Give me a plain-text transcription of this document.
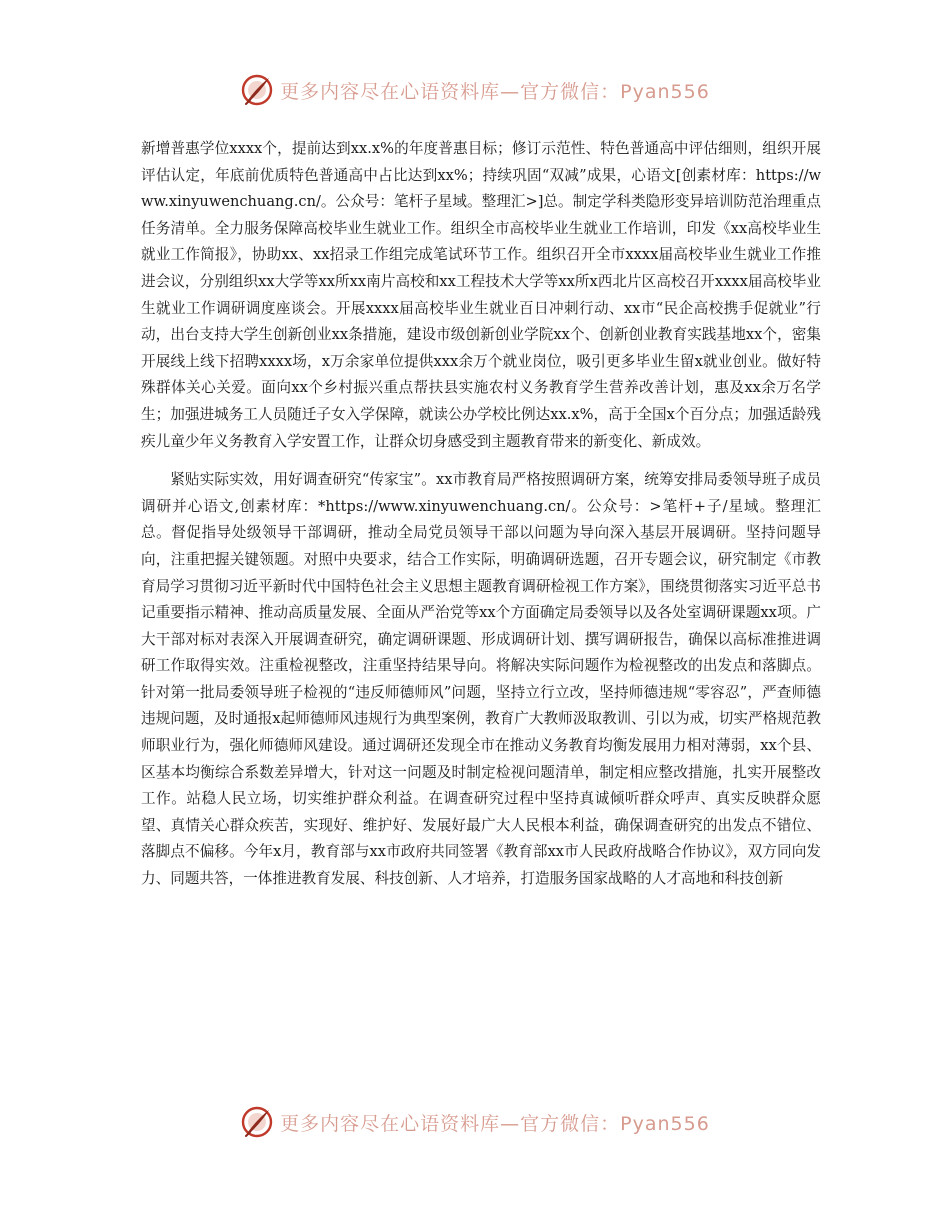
更多内容尽在心语资料库—官方微信：Pyan556

新增普惠学位xxxx个，提前达到xx.x%的年度普惠目标；修订示范性、特色普通高中评估细则，组织开展评估认定，年底前优质特色普通高中占比达到xx%；持续巩固“双减”成果，心语文[创素材库：https://www.xinyuwenchuang.cn/。公众号：笔杆子星域。整理汇>]总。制定学科类隐形变异培训防范治理重点任务清单。全力服务保障高校毕业生就业工作。组织全市高校毕业生就业工作培训，印发《xx高校毕业生就业工作简报》，协助xx、xx招录工作组完成笔试环节工作。组织召开全市xxxx届高校毕业生就业工作推进会议，分别组织xx大学等xx所xx南片高校和xx工程技术大学等xx所x西北片区高校召开xxxx届高校毕业生就业工作调研调度座谈会。开展xxxx届高校毕业生就业百日冲刺行动、xx市“民企高校携手促就业”行动，出台支持大学生创新创业xx条措施，建设市级创新创业学院xx个、创新创业教育实践基地xx个，密集开展线上线下招聘xxxx场，x万余家单位提供xxx余万个就业岗位，吸引更多毕业生留x就业创业。做好特殊群体关心关爱。面向xx个乡村振兴重点帮扶县实施农村义务教育学生营养改善计划，惠及xx余万名学生；加强进城务工人员随迁子女入学保障，就读公办学校比例达xx.x%，高于全国x个百分点；加强适龄残疾儿童少年义务教育入学安置工作，让群众切身感受到主题教育带来的新变化、新成效。

紧贴实际实效，用好调查研究“传家宝”。xx市教育局严格按照调研方案，统筹安排局委领导班子成员调研并心语文,创素材库：*https://www.xinyuwenchuang.cn/。公众号：>笔杆+子/星域。整理汇总。督促指导处级领导干部调研，推动全局党员领导干部以问题为导向深入基层开展调研。坚持问题导向，注重把握关键领题。对照中央要求，结合工作实际，明确调研选题，召开专题会议，研究制定《市教育局学习贯彻习近平新时代中国特色社会主义思想主题教育调研检视工作方案》，围绕贯彻落实习近平总书记重要指示精神、推动高质量发展、全面从严治党等xx个方面确定局委领导以及各处室调研课题xx项。广大干部对标对表深入开展调查研究，确定调研课题、形成调研计划、撰写调研报告，确保以高标准推进调研工作取得实效。注重检视整改，注重坚持结果导向。将解决实际问题作为检视整改的出发点和落脚点。针对第一批局委领导班子检视的“违反师德师风”问题，坚持立行立改，坚持师德违规“零容忍”，严查师德违规问题，及时通报x起师德师风违规行为典型案例，教育广大教师汲取教训、引以为戒，切实严格规范教师职业行为，强化师德师风建设。通过调研还发现全市在推动义务教育均衡发展用力相对薄弱，xx个县、区基本均衡综合系数差异增大，针对这一问题及时制定检视问题清单，制定相应整改措施，扎实开展整改工作。站稳人民立场，切实维护群众利益。在调查研究过程中坚持真诚倾听群众呼声、真实反映群众愿望、真情关心群众疾苦，实现好、维护好、发展好最广大人民根本利益，确保调查研究的出发点不错位、落脚点不偏移。今年x月，教育部与xx市政府共同签署《教育部xx市人民政府战略合作协议》，双方同向发力、同题共答，一体推进教育发展、科技创新、人才培养，打造服务国家战略的人才高地和科技创新

更多内容尽在心语资料库—官方微信：Pyan556
